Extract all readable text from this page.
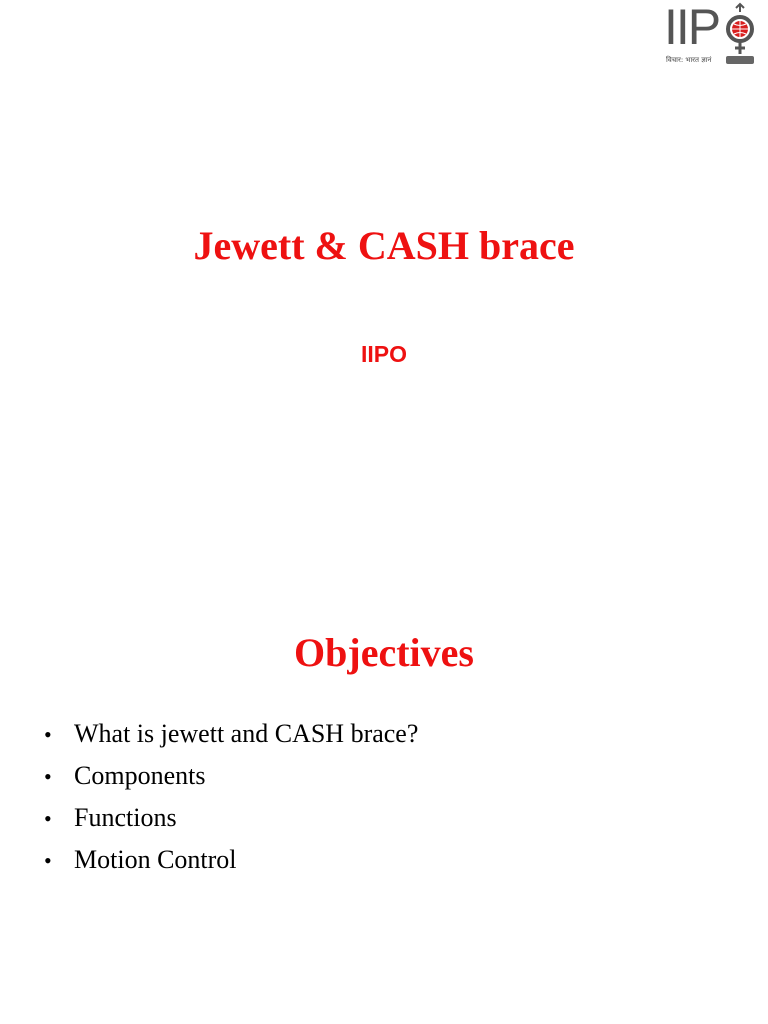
IIP
विचार: भारत ज्ञानं
Jewett & CASH brace
IIPO
Objectives
• What is jewett and CASH brace?
• Components
• Functions
• Motion Control
